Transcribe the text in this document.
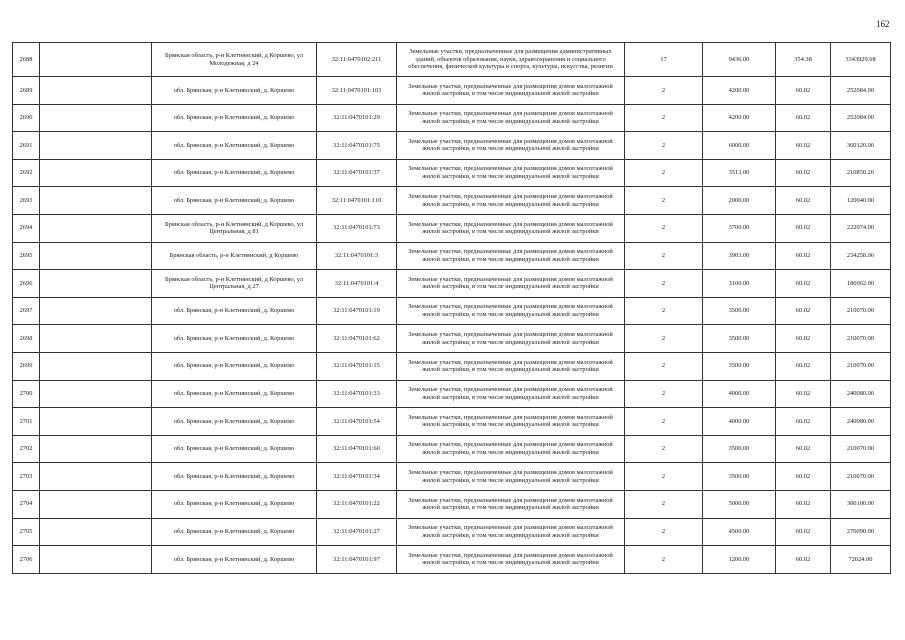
162
2688		Брянская область, р-н Клетнянский, д Коршево, ул Молодежная, д 24	32:11:0470102:211	Земельные участки, предназначенные для размещения административных зданий, объектов образования, науки, здравоохранения и социального обеспечения, физической культуры и спорта, культуры, искусства, религии	17	9436.00	354.38	3343929.68
2689		обл. Брянская, р-н Клетнянский, д. Коршево	32:11:0470101:103	Земельные участки, предназначенные для размещения домов малоэтажной жилой застройки, в том числе индивидуальной жилой застройки	2	4200.00	60.02	252084.00
2690		обл. Брянская, р-н Клетнянский, д. Коршево	32:11:0470101:29	Земельные участки, предназначенные для размещения домов малоэтажной жилой застройки, в том числе индивидуальной жилой застройки	2	4200.00	60.02	252084.00
2691		обл. Брянская, р-н Клетнянский, д. Коршево	32:11:0470101:75	Земельные участки, предназначенные для размещения домов малоэтажной жилой застройки, в том числе индивидуальной жилой застройки	2	6000.00	60.02	360120.00
2692		обл. Брянская, р-н Клетнянский, д. Коршево	32:11:0470101:37	Земельные участки, предназначенные для размещения домов малоэтажной жилой застройки, в том числе индивидуальной жилой застройки	2	3513.00	60.02	210850.26
2693		обл. Брянская, р-н Клетнянский, д. Коршево	32:11:0470101:110	Земельные участки, предназначенные для размещения домов малоэтажной жилой застройки, в том числе индивидуальной жилой застройки	2	2000.00	60.02	120040.00
2694		Брянская область, р-н Клетнянский, д Коршево, ул Центральная, д 81	32:11:0470101:73	Земельные участки, предназначенные для размещения домов малоэтажной жилой застройки, в том числе индивидуальной жилой застройки	2	3700.00	60.02	222074.00
2695		Брянская область, р-н Клетнянский, д Коршево	32:11:0470101:3	Земельные участки, предназначенные для размещения домов малоэтажной жилой застройки, в том числе индивидуальной жилой застройки	2	3903.00	60.02	234258.06
2696		Брянская область, р-н Клетнянский, д Коршево, ул Центральная, д 27	32:11:0470101:4	Земельные участки, предназначенные для размещения домов малоэтажной жилой застройки, в том числе индивидуальной жилой застройки	2	3100.00	60.02	186062.00
2697		обл. Брянская, р-н Клетнянский, д. Коршево	32:11:0470101:19	Земельные участки, предназначенные для размещения домов малоэтажной жилой застройки, в том числе индивидуальной жилой застройки	2	3500.00	60.02	210070.00
2698		обл. Брянская, р-н Клетнянский, д. Коршево	32:11:0470101:62	Земельные участки, предназначенные для размещения домов малоэтажной жилой застройки, в том числе индивидуальной жилой застройки	2	3500.00	60.02	210070.00
2699		обл. Брянская, р-н Клетнянский, д. Коршево	32:11:0470101:15	Земельные участки, предназначенные для размещения домов малоэтажной жилой застройки, в том числе индивидуальной жилой застройки	2	3500.00	60.02	210070.00
2700		обл. Брянская, р-н Клетнянский, д. Коршево	32:11:0470101:33	Земельные участки, предназначенные для размещения домов малоэтажной жилой застройки, в том числе индивидуальной жилой застройки	2	4000.00	60.02	240080.00
2701		обл. Брянская, р-н Клетнянский, д. Коршево	32:11:0470101:54	Земельные участки, предназначенные для размещения домов малоэтажной жилой застройки, в том числе индивидуальной жилой застройки	2	4000.00	60.02	240080.00
2702		обл. Брянская, р-н Клетнянский, д. Коршево	32:11:0470101:60	Земельные участки, предназначенные для размещения домов малоэтажной жилой застройки, в том числе индивидуальной жилой застройки	2	3500.00	60.02	210070.00
2703		обл. Брянская, р-н Клетнянский, д. Коршево	32:11:0470101:34	Земельные участки, предназначенные для размещения домов малоэтажной жилой застройки, в том числе индивидуальной жилой застройки	2	3500.00	60.02	210070.00
2704		обл. Брянская, р-н Клетнянский, д. Коршево	32:11:0470101:22	Земельные участки, предназначенные для размещения домов малоэтажной жилой застройки, в том числе индивидуальной жилой застройки	2	5000.00	60.02	300100.00
2705		обл. Брянская, р-н Клетнянский, д. Коршево	32:11:0470101:27	Земельные участки, предназначенные для размещения домов малоэтажной жилой застройки, в том числе индивидуальной жилой застройки	2	4500.00	60.02	270090.00
2706		обл. Брянская, р-н Клетнянский, д. Коршево	32:11:0470101:97	Земельные участки, предназначенные для размещения домов малоэтажной жилой застройки, в том числе индивидуальной жилой застройки	2	1200.00	60.02	72024.00
